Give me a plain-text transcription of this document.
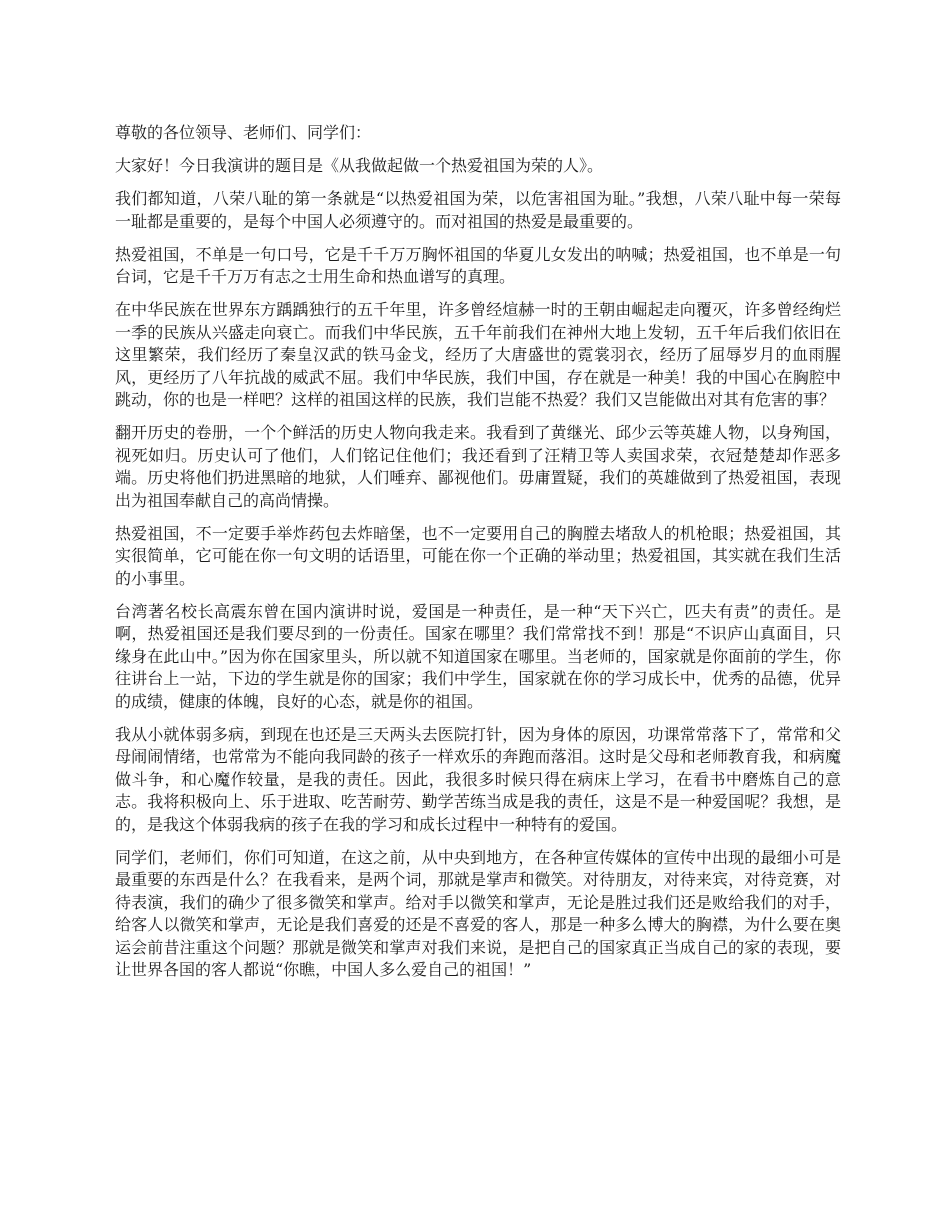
尊敬的各位领导、老师们、同学们：

大家好！今日我演讲的题目是《从我做起做一个热爱祖国为荣的人》。

我们都知道，八荣八耻的第一条就是“以热爱祖国为荣，以危害祖国为耻。”我想，八荣八耻中每一荣每一耻都是重要的，是每个中国人必须遵守的。而对祖国的热爱是最重要的。

热爱祖国，不单是一句口号，它是千千万万胸怀祖国的华夏儿女发出的呐喊；热爱祖国，也不单是一句台词，它是千千万万有志之士用生命和热血谱写的真理。

在中华民族在世界东方踽踽独行的五千年里，许多曾经煊赫一时的王朝由崛起走向覆灭，许多曾经绚烂一季的民族从兴盛走向衰亡。而我们中华民族，五千年前我们在神州大地上发轫，五千年后我们依旧在这里繁荣，我们经历了秦皇汉武的铁马金戈，经历了大唐盛世的霓裳羽衣，经历了屈辱岁月的血雨腥风，更经历了八年抗战的威武不屈。我们中华民族，我们中国，存在就是一种美！我的中国心在胸腔中跳动，你的也是一样吧？这样的祖国这样的民族，我们岂能不热爱？我们又岂能做出对其有危害的事？

翻开历史的卷册，一个个鲜活的历史人物向我走来。我看到了黄继光、邱少云等英雄人物，以身殉国，视死如归。历史认可了他们，人们铭记住他们；我还看到了汪精卫等人卖国求荣，衣冠楚楚却作恶多端。历史将他们扔进黑暗的地狱，人们唾弃、鄙视他们。毋庸置疑，我们的英雄做到了热爱祖国，表现出为祖国奉献自己的高尚情操。

热爱祖国，不一定要手举炸药包去炸暗堡，也不一定要用自己的胸膛去堵敌人的机枪眼；热爱祖国，其实很简单，它可能在你一句文明的话语里，可能在你一个正确的举动里；热爱祖国，其实就在我们生活的小事里。

台湾著名校长高震东曾在国内演讲时说，爱国是一种责任，是一种“天下兴亡，匹夫有责”的责任。是啊，热爱祖国还是我们要尽到的一份责任。国家在哪里？我们常常找不到！那是“不识庐山真面目，只缘身在此山中。”因为你在国家里头，所以就不知道国家在哪里。当老师的，国家就是你面前的学生，你往讲台上一站，下边的学生就是你的国家；我们中学生，国家就在你的学习成长中，优秀的品德，优异的成绩，健康的体魄，良好的心态，就是你的祖国。

我从小就体弱多病，到现在也还是三天两头去医院打针，因为身体的原因，功课常常落下了，常常和父母闹闹情绪，也常常为不能向我同龄的孩子一样欢乐的奔跑而落泪。这时是父母和老师教育我，和病魔做斗争，和心魔作较量，是我的责任。因此，我很多时候只得在病床上学习，在看书中磨炼自己的意志。我将积极向上、乐于进取、吃苦耐劳、勤学苦练当成是我的责任，这是不是一种爱国呢？我想，是的，是我这个体弱我病的孩子在我的学习和成长过程中一种特有的爱国。

同学们，老师们，你们可知道，在这之前，从中央到地方，在各种宣传媒体的宣传中出现的最细小可是最重要的东西是什么？在我看来，是两个词，那就是掌声和微笑。对待朋友，对待来宾，对待竞赛，对待表演，我们的确少了很多微笑和掌声。给对手以微笑和掌声，无论是胜过我们还是败给我们的对手，给客人以微笑和掌声，无论是我们喜爱的还是不喜爱的客人，那是一种多么博大的胸襟，为什么要在奥运会前昔注重这个问题？那就是微笑和掌声对我们来说，是把自己的国家真正当成自己的家的表现，要让世界各国的客人都说“你瞧，中国人多么爱自己的祖国！”
